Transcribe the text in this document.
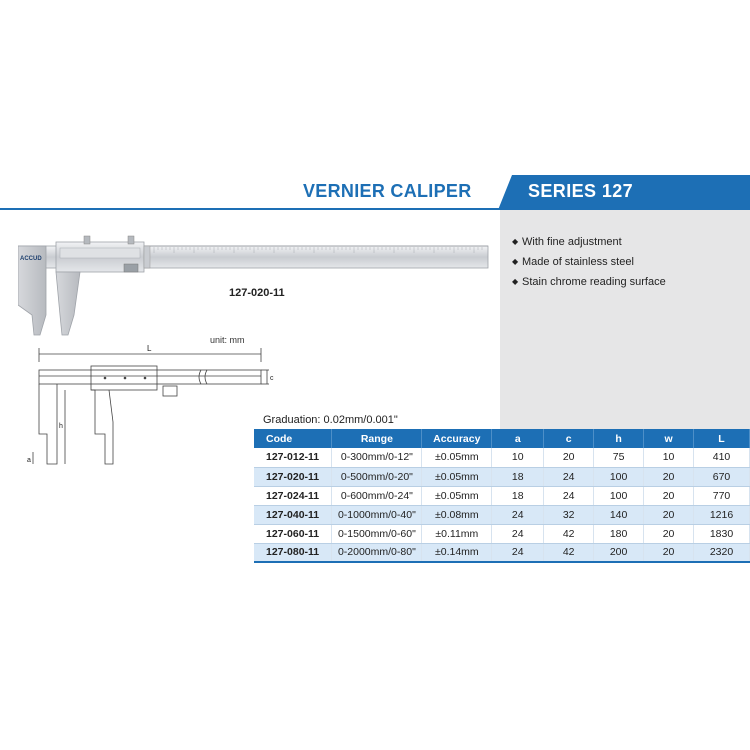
VERNIER CALIPER	SERIES 127
◆ With fine adjustment
◆ Made of stainless steel
◆ Stain chrome reading surface
ACCUD
127-020-11
unit: mm
L
c
h
a
Graduation: 0.02mm/0.001"
Code	Range	Accuracy	a	c	h	w	L
127-012-11	0-300mm/0-12"	±0.05mm	10	20	75	10	410
127-020-11	0-500mm/0-20"	±0.05mm	18	24	100	20	670
127-024-11	0-600mm/0-24"	±0.05mm	18	24	100	20	770
127-040-11	0-1000mm/0-40"	±0.08mm	24	32	140	20	1216
127-060-11	0-1500mm/0-60"	±0.11mm	24	42	180	20	1830
127-080-11	0-2000mm/0-80"	±0.14mm	24	42	200	20	2320
